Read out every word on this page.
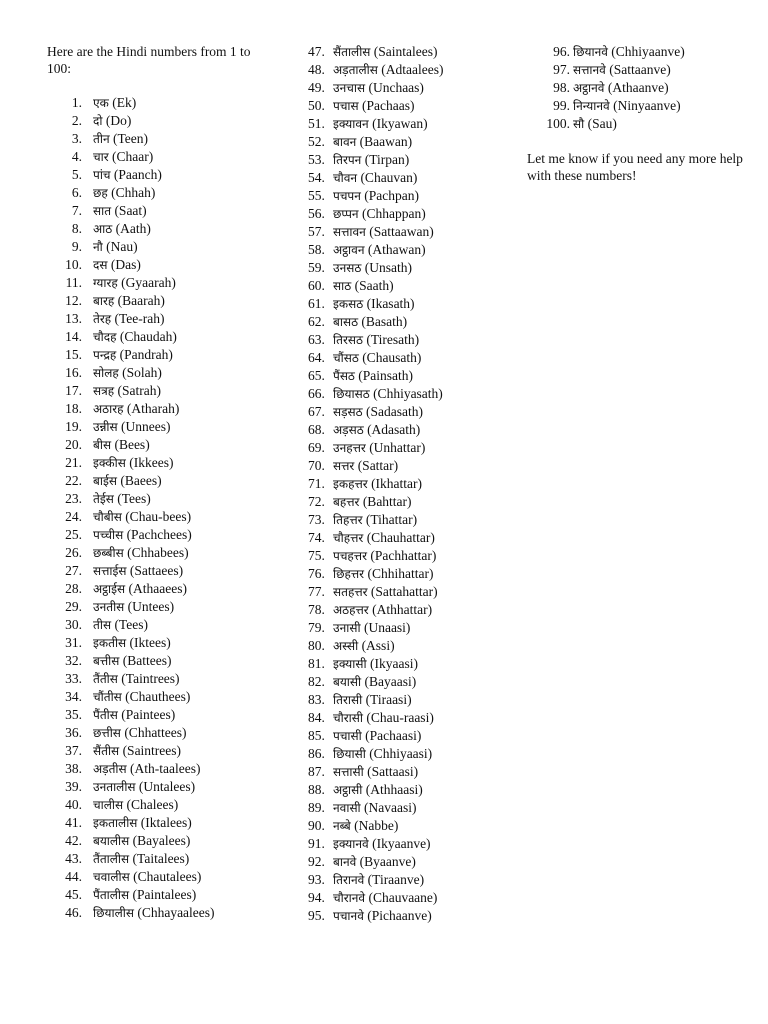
Here are the Hindi numbers from 1 to 100:

1. एक (Ek)
2. दो (Do)
3. तीन (Teen)
4. चार (Chaar)
5. पांच (Paanch)
6. छह (Chhah)
7. सात (Saat)
8. आठ (Aath)
9. नौ (Nau)
10. दस (Das)
11. ग्यारह (Gyaarah)
12. बारह (Baarah)
13. तेरह (Tee-rah)
14. चौदह (Chaudah)
15. पन्द्रह (Pandrah)
16. सोलह (Solah)
17. सत्रह (Satrah)
18. अठारह (Atharah)
19. उन्नीस (Unnees)
20. बीस (Bees)
21. इक्कीस (Ikkees)
22. बाईस (Baees)
23. तेईस (Tees)
24. चौबीस (Chau-bees)
25. पच्चीस (Pachchees)
26. छब्बीस (Chhabees)
27. सत्ताईस (Sattaees)
28. अट्ठाईस (Athaaees)
29. उनतीस (Untees)
30. तीस (Tees)
31. इकतीस (Iktees)
32. बत्तीस (Battees)
33. तैंतीस (Taintrees)
34. चौंतीस (Chauthees)
35. पैंतीस (Paintees)
36. छत्तीस (Chhattees)
37. सैंतीस (Saintrees)
38. अड़तीस (Ath-taalees)
39. उनतालीस (Untalees)
40. चालीस (Chalees)
41. इकतालीस (Iktalees)
42. बयालीस (Bayalees)
43. तैंतालीस (Taitalees)
44. चवालीस (Chautalees)
45. पैंतालीस (Paintalees)
46. छियालीस (Chhayaalees)
47. सैंतालीस (Saintalees)
48. अड़तालीस (Adtaalees)
49. उनचास (Unchaas)
50. पचास (Pachaas)
51. इक्यावन (Ikyawan)
52. बावन (Baawan)
53. तिरपन (Tirpan)
54. चौवन (Chauvan)
55. पचपन (Pachpan)
56. छप्पन (Chhappan)
57. सत्तावन (Sattaawan)
58. अट्ठावन (Athawan)
59. उनसठ (Unsath)
60. साठ (Saath)
61. इकसठ (Ikasath)
62. बासठ (Basath)
63. तिरसठ (Tiresath)
64. चौंसठ (Chausath)
65. पैंसठ (Painsath)
66. छियासठ (Chhiyasath)
67. सड़सठ (Sadasath)
68. अड़सठ (Adasath)
69. उनहत्तर (Unhattar)
70. सत्तर (Sattar)
71. इकहत्तर (Ikhattar)
72. बहत्तर (Bahttar)
73. तिहत्तर (Tihattar)
74. चौहत्तर (Chauhattar)
75. पचहत्तर (Pachhattar)
76. छिहत्तर (Chhihattar)
77. सतहत्तर (Sattahattar)
78. अठहत्तर (Athhattar)
79. उनासी (Unaasi)
80. अस्सी (Assi)
81. इक्यासी (Ikyaasi)
82. बयासी (Bayaasi)
83. तिरासी (Tiraasi)
84. चौरासी (Chau-raasi)
85. पचासी (Pachaasi)
86. छियासी (Chhiyaasi)
87. सत्तासी (Sattaasi)
88. अट्ठासी (Athhaasi)
89. नवासी (Navaasi)
90. नब्बे (Nabbe)
91. इक्यानवे (Ikyaanve)
92. बानवे (Byaanve)
93. तिरानवे (Tiraanve)
94. चौरानवे (Chauvaane)
95. पचानवे (Pichaanve)
96. छियानवे (Chhiyaanve)
97. सत्तानवे (Sattaanve)
98. अट्ठानवे (Athaanve)
99. निन्यानवे (Ninyaanve)
100. सौ (Sau)

Let me know if you need any more help with these numbers!
